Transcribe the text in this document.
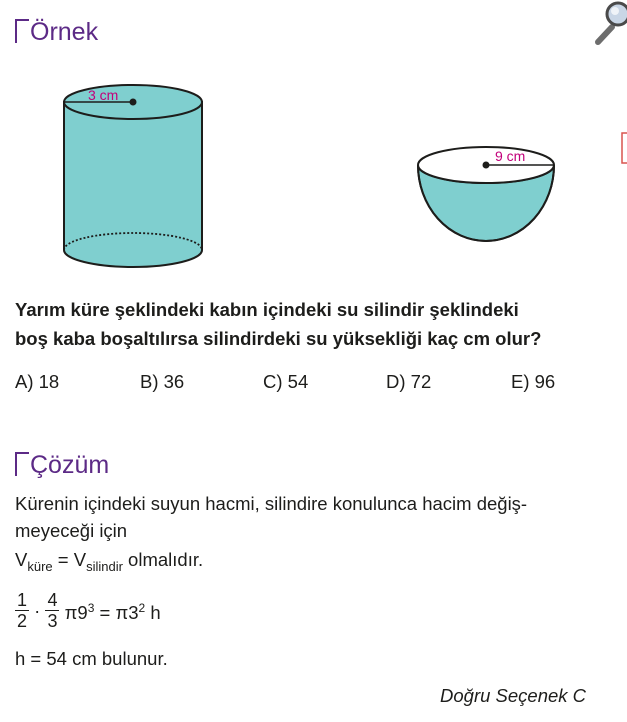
Örnek
3 cm
9 cm
Yarım küre şeklindeki kabın içindeki su silindir şeklindeki
boş kaba boşaltılırsa silindirdeki su yüksekliği kaç cm olur?
A) 18	B) 36	C) 54	D) 72	E) 96
Çözüm
Kürenin içindeki suyun hacmi, silindire konulunca hacim değiş-
meyeceği için
$V_{küre} = V_{silindir}$ olmalıdır.
$\frac{1}{2} \cdot \frac{4}{3} \pi 9^3 = \pi 3^2$ h
h = 54 cm bulunur.
Doğru Seçenek C
